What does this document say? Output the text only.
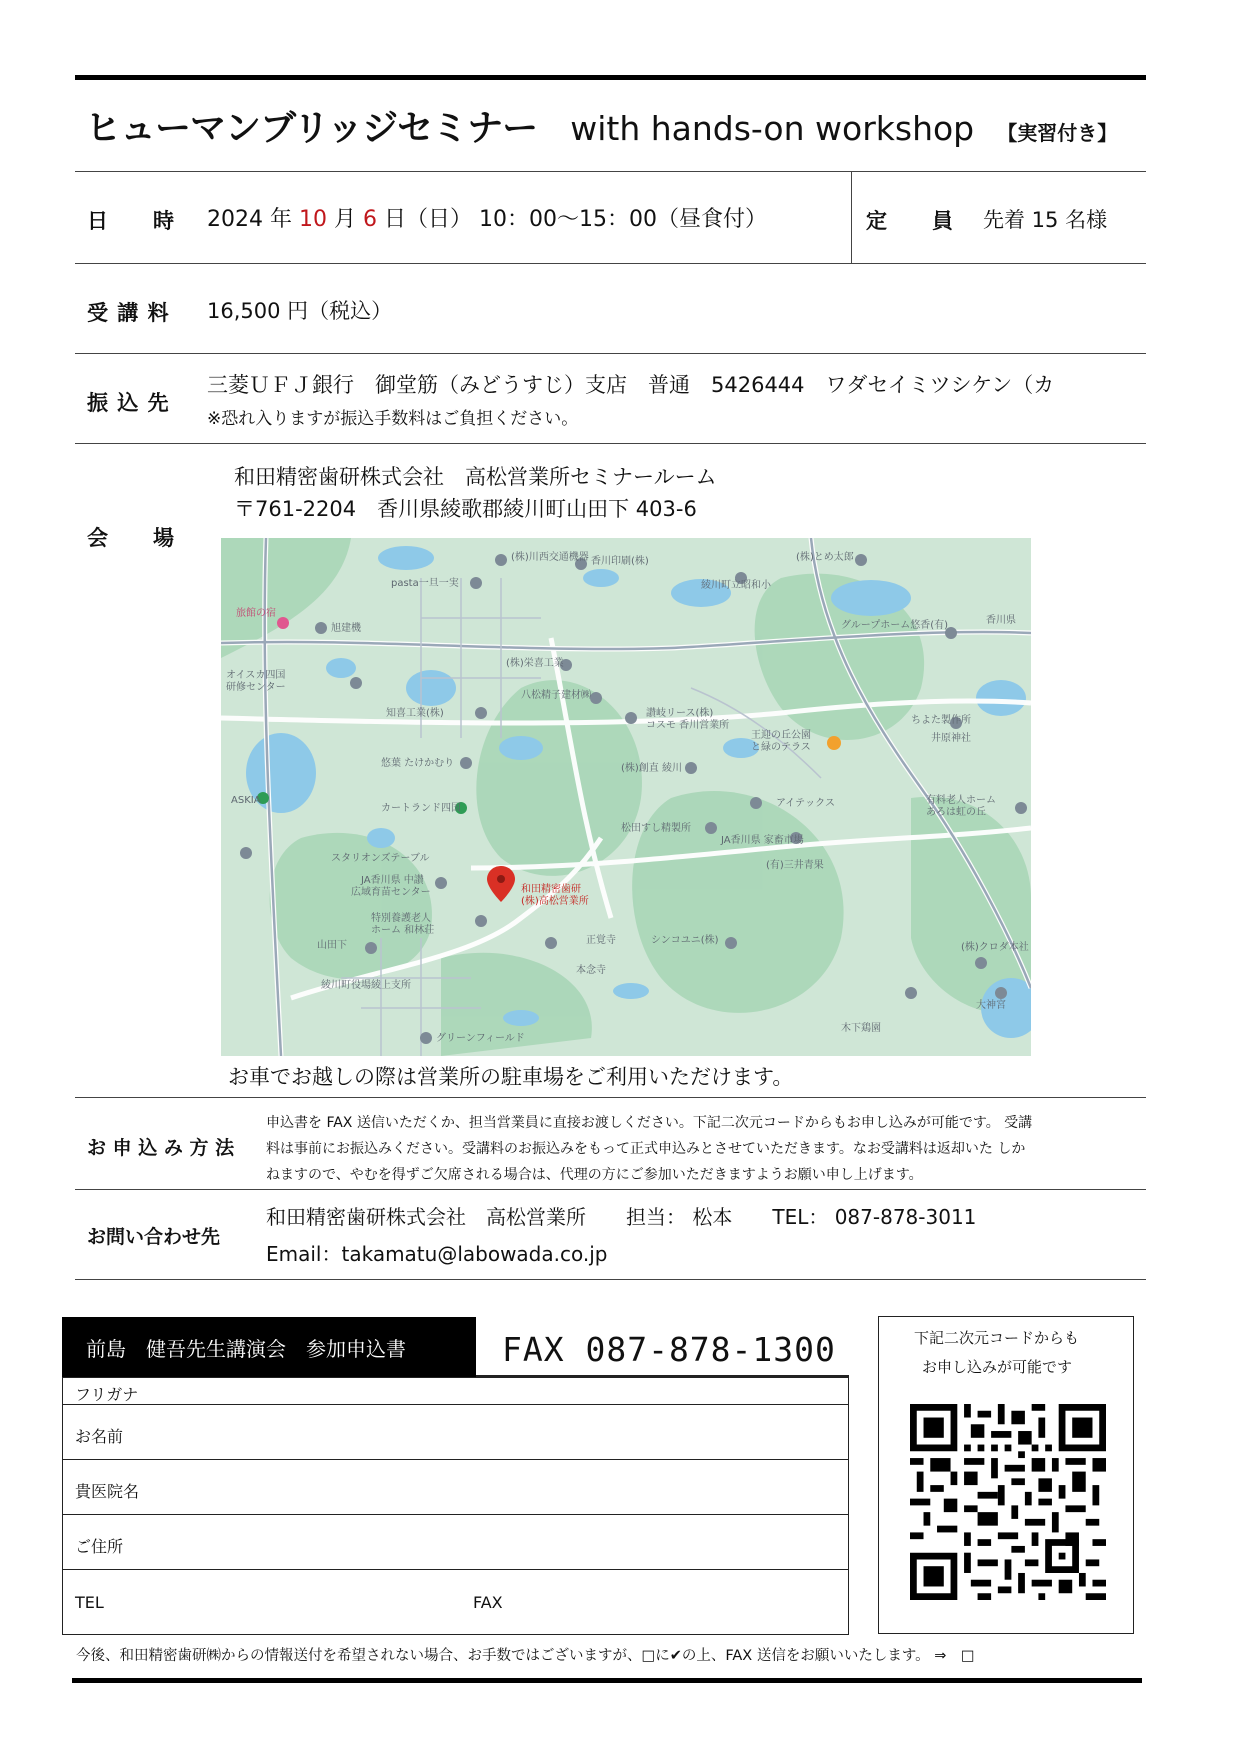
ヒューマンブリッジセミナー with hands-on workshop 【実習付き】
日　　時 2024 年 10 月 6 日（日） 10：00〜15：00（昼食付）	定　　員 先着 15 名様
受 講 料 16,500 円（税込）
振 込 先
三菱ＵＦＪ銀行　御堂筋（みどうすじ）支店　普通　5426444　ワダセイミツシケン（カ
※恐れ入りますが振込手数料はご負担ください。
会　　場
和田精密歯研株式会社　高松営業所セミナールーム
〒761-2204　香川県綾歌郡綾川町山田下 403-6
(株)川西交通機器 香川印刷(株)	(株)とめ太郎
pasta一旦一実	綾川町立昭和小
旭建機	グループホーム悠香(有)	香川県
(株)栄喜工業
オイスカ四国
研修センター
八松精子建材㈱
知喜工業(株)	讃岐リース(株)
コスモ 香川営業所	ちよた製作所
井原神社
王迎の丘公園
と緑のテラス
悠葉 たけかむり	(株)創直 綾川
ASKIA
カートランド四国	アイテックス	有料老人ホーム
あろは虹の丘
松田すし精製所
JA香川県 家畜市場
スタリオンズテーブル
JA香川県 中讃
広域育苗センター
(有)三井青果
特別養護老人
ホーム 和林荘
山田下	正覚寺	シンコユニ(株)
本念寺
(株)クロダ本社
綾川町役場綾上支所
大神宮
木下鶏園
グリーンフィールド
旅館の宿
和田精密歯研
(株)高松営業所
お車でお越しの際は営業所の駐車場をご利用いただけます。
お 申 込 み 方 法
申込書を FAX 送信いただくか、担当営業員に直接お渡しください。下記二次元コードからもお申し込みが可能です。 受講
料は事前にお振込みください。受講料のお振込みをもって正式申込みとさせていただきます。なお受講料は返却いた しか
ねますので、やむを得ずご欠席される場合は、代理の方にご参加いただきますようお願い申し上げます。
お問い合わせ先
和田精密歯研株式会社　高松営業所　　担当： 松本　　TEL： 087-878-3011
Email：takamatu@labowada.co.jp
前島　健吾先生講演会　参加申込書	FAX 087-878-1300
フリガナ
お名前
貴医院名
ご住所
TEL	FAX
下記二次元コードからも
お申し込みが可能です
今後、和田精密歯研㈱からの情報送付を希望されない場合、お手数ではございますが、□に✔の上、FAX 送信をお願いいたします。 ⇒　□
